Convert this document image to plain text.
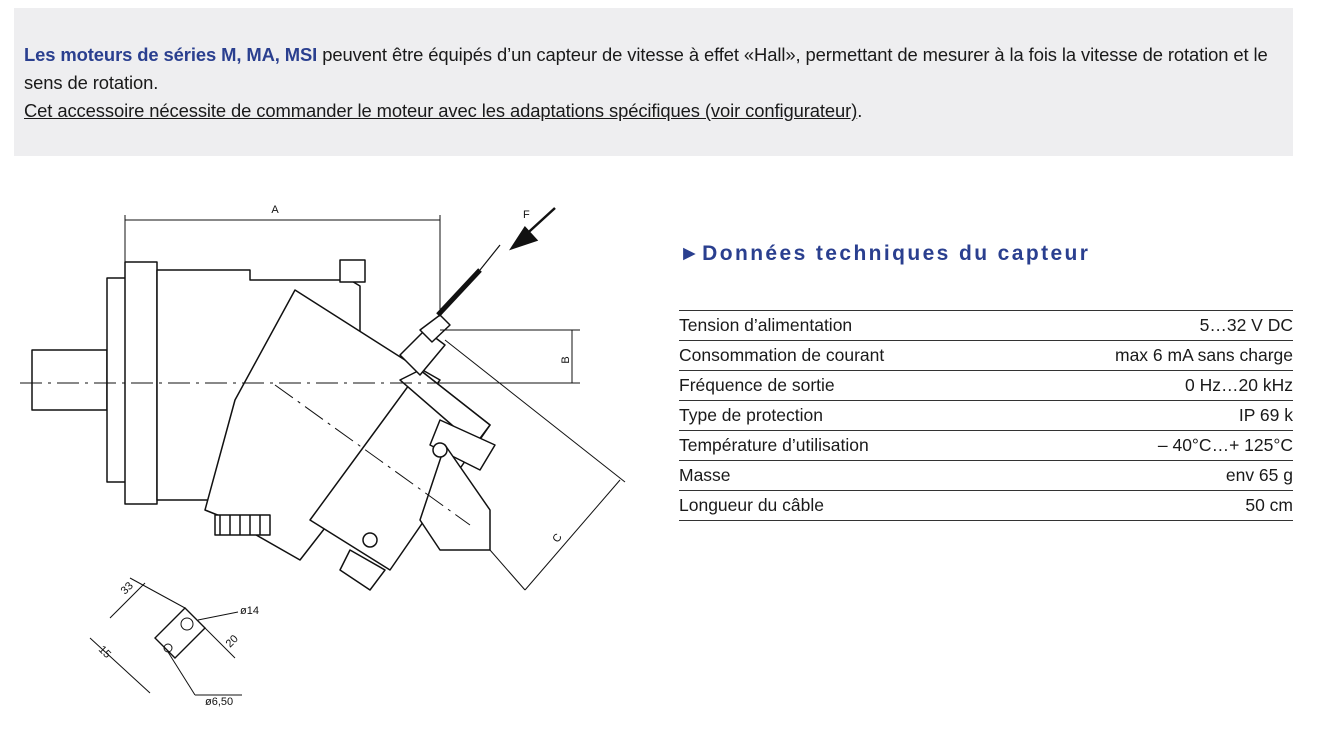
Les moteurs de séries M, MA, MSI peuvent être équipés d’un capteur de vitesse à effet «Hall», permettant de mesurer à la fois la vitesse de rotation et le sens de rotation.
Cet accessoire nécessite de commander le moteur avec les adaptations spécifiques (voir configurateur).
A
B
C
F
33
15
20
ø14
ø6,50
►Données techniques du capteur
Tension d’alimentation	5…32 V DC
Consommation de courant	max 6 mA sans charge
Fréquence de sortie	0 Hz…20 kHz
Type de protection	IP 69 k
Température d’utilisation	– 40°C…+ 125°C
Masse	env 65 g
Longueur du câble	50 cm
